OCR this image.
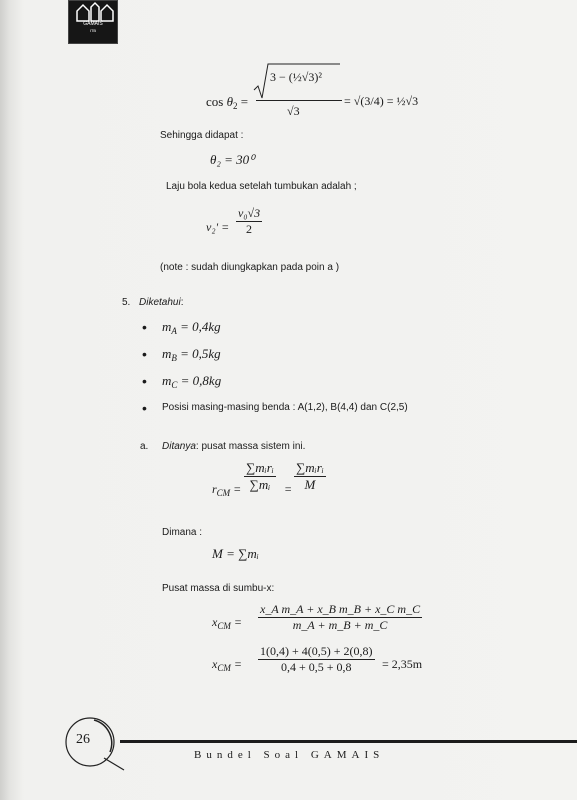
GAMAIS
ITB
$\cos \theta_2$ =
3 − (½√3)²
√3
= √(3/4) = ½√3
Sehingga didapat :
θ₂ = 30⁰
Laju bola kedua setelah tumbukan adalah ;
$v_2' = \frac{\text{v₀√3}}{2}$
(note : sudah diungkapkan pada poin a )
5. Diketahui:
• $m_A = 0,4kg$
• $m_B = 0,5kg$
• $m_C = 0,8kg$
• Posisi masing-masing benda : A(1,2), B(4,4) dan C(2,5)
a. Ditanya: pusat massa sistem ini.
$r_{CM}$ =
∑mᵢrᵢ
∑mᵢ	=
∑mᵢrᵢ
M
Dimana :
M = ∑mᵢ
Pusat massa di sumbu-x:
$x_{CM} = \frac{\text{x\_A m\_A + x\_B m\_B + x\_C m\_C}}{m\_A + m\_B + m\_C}$
$x_{CM} = \frac{1(0,4) + 4(0,5) + 2(0,8)}{0,4 + 0,5 + 0,8} = 2,35m$
26
Bundel Soal GAMAIS
